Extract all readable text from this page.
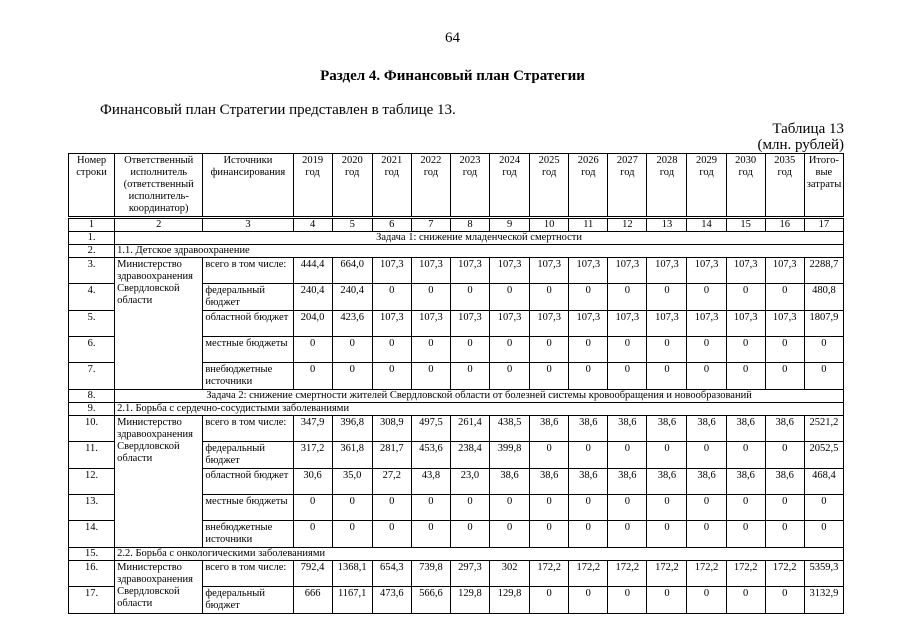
64
Раздел 4. Финансовый план Стратегии
Финансовый план Стратегии представлен в таблице 13.
Таблица 13
(млн. рублей)
Номер строки	Ответственный исполнитель (ответственный исполнитель-координатор)	Источники финансирования	2019 год	2020 год	2021 год	2022 год	2023 год	2024 год	2025 год	2026 год	2027 год	2028 год	2029 год	2030 год	2035 год	Итого-вые затраты
1	2	3	4	5	6	7	8	9	10	11	12	13	14	15	16	17
1.	Задача 1: снижение младенческой смертности															
2.	1.1. Детское здравоохранение															
3.	Министерство здравоохранения Свердловской области	всего в том числе:	444,4	664,0	107,3	107,3	107,3	107,3	107,3	107,3	107,3	107,3	107,3	107,3	107,3	2288,7
4.		федеральный бюджет	240,4	240,4	0	0	0	0	0	0	0	0	0	0	0	480,8
5.		областной бюджет	204,0	423,6	107,3	107,3	107,3	107,3	107,3	107,3	107,3	107,3	107,3	107,3	107,3	1807,9
6.		местные бюджеты	0	0	0	0	0	0	0	0	0	0	0	0	0	0
7.		внебюджетные источники	0	0	0	0	0	0	0	0	0	0	0	0	0	0
8.	Задача 2: снижение смертности жителей Свердловской области от болезней системы кровообращения и новообразований															
9.	2.1. Борьба с сердечно-сосудистыми заболеваниями															
10.	Министерство здравоохранения Свердловской области	всего в том числе:	347,9	396,8	308,9	497,5	261,4	438,5	38,6	38,6	38,6	38,6	38,6	38,6	38,6	2521,2
11.		федеральный бюджет	317,2	361,8	281,7	453,6	238,4	399,8	0	0	0	0	0	0	0	2052,5
12.		областной бюджет	30,6	35,0	27,2	43,8	23,0	38,6	38,6	38,6	38,6	38,6	38,6	38,6	38,6	468,4
13.		местные бюджеты	0	0	0	0	0	0	0	0	0	0	0	0	0	0
14.		внебюджетные источники	0	0	0	0	0	0	0	0	0	0	0	0	0	0
15.	2.2. Борьба с онкологическими заболеваниями															
16.	Министерство здравоохранения Свердловской области	всего в том числе:	792,4	1368,1	654,3	739,8	297,3	302	172,2	172,2	172,2	172,2	172,2	172,2	172,2	5359,3
17.		федеральный бюджет	666	1167,1	473,6	566,6	129,8	129,8	0	0	0	0	0	0	0	3132,9
